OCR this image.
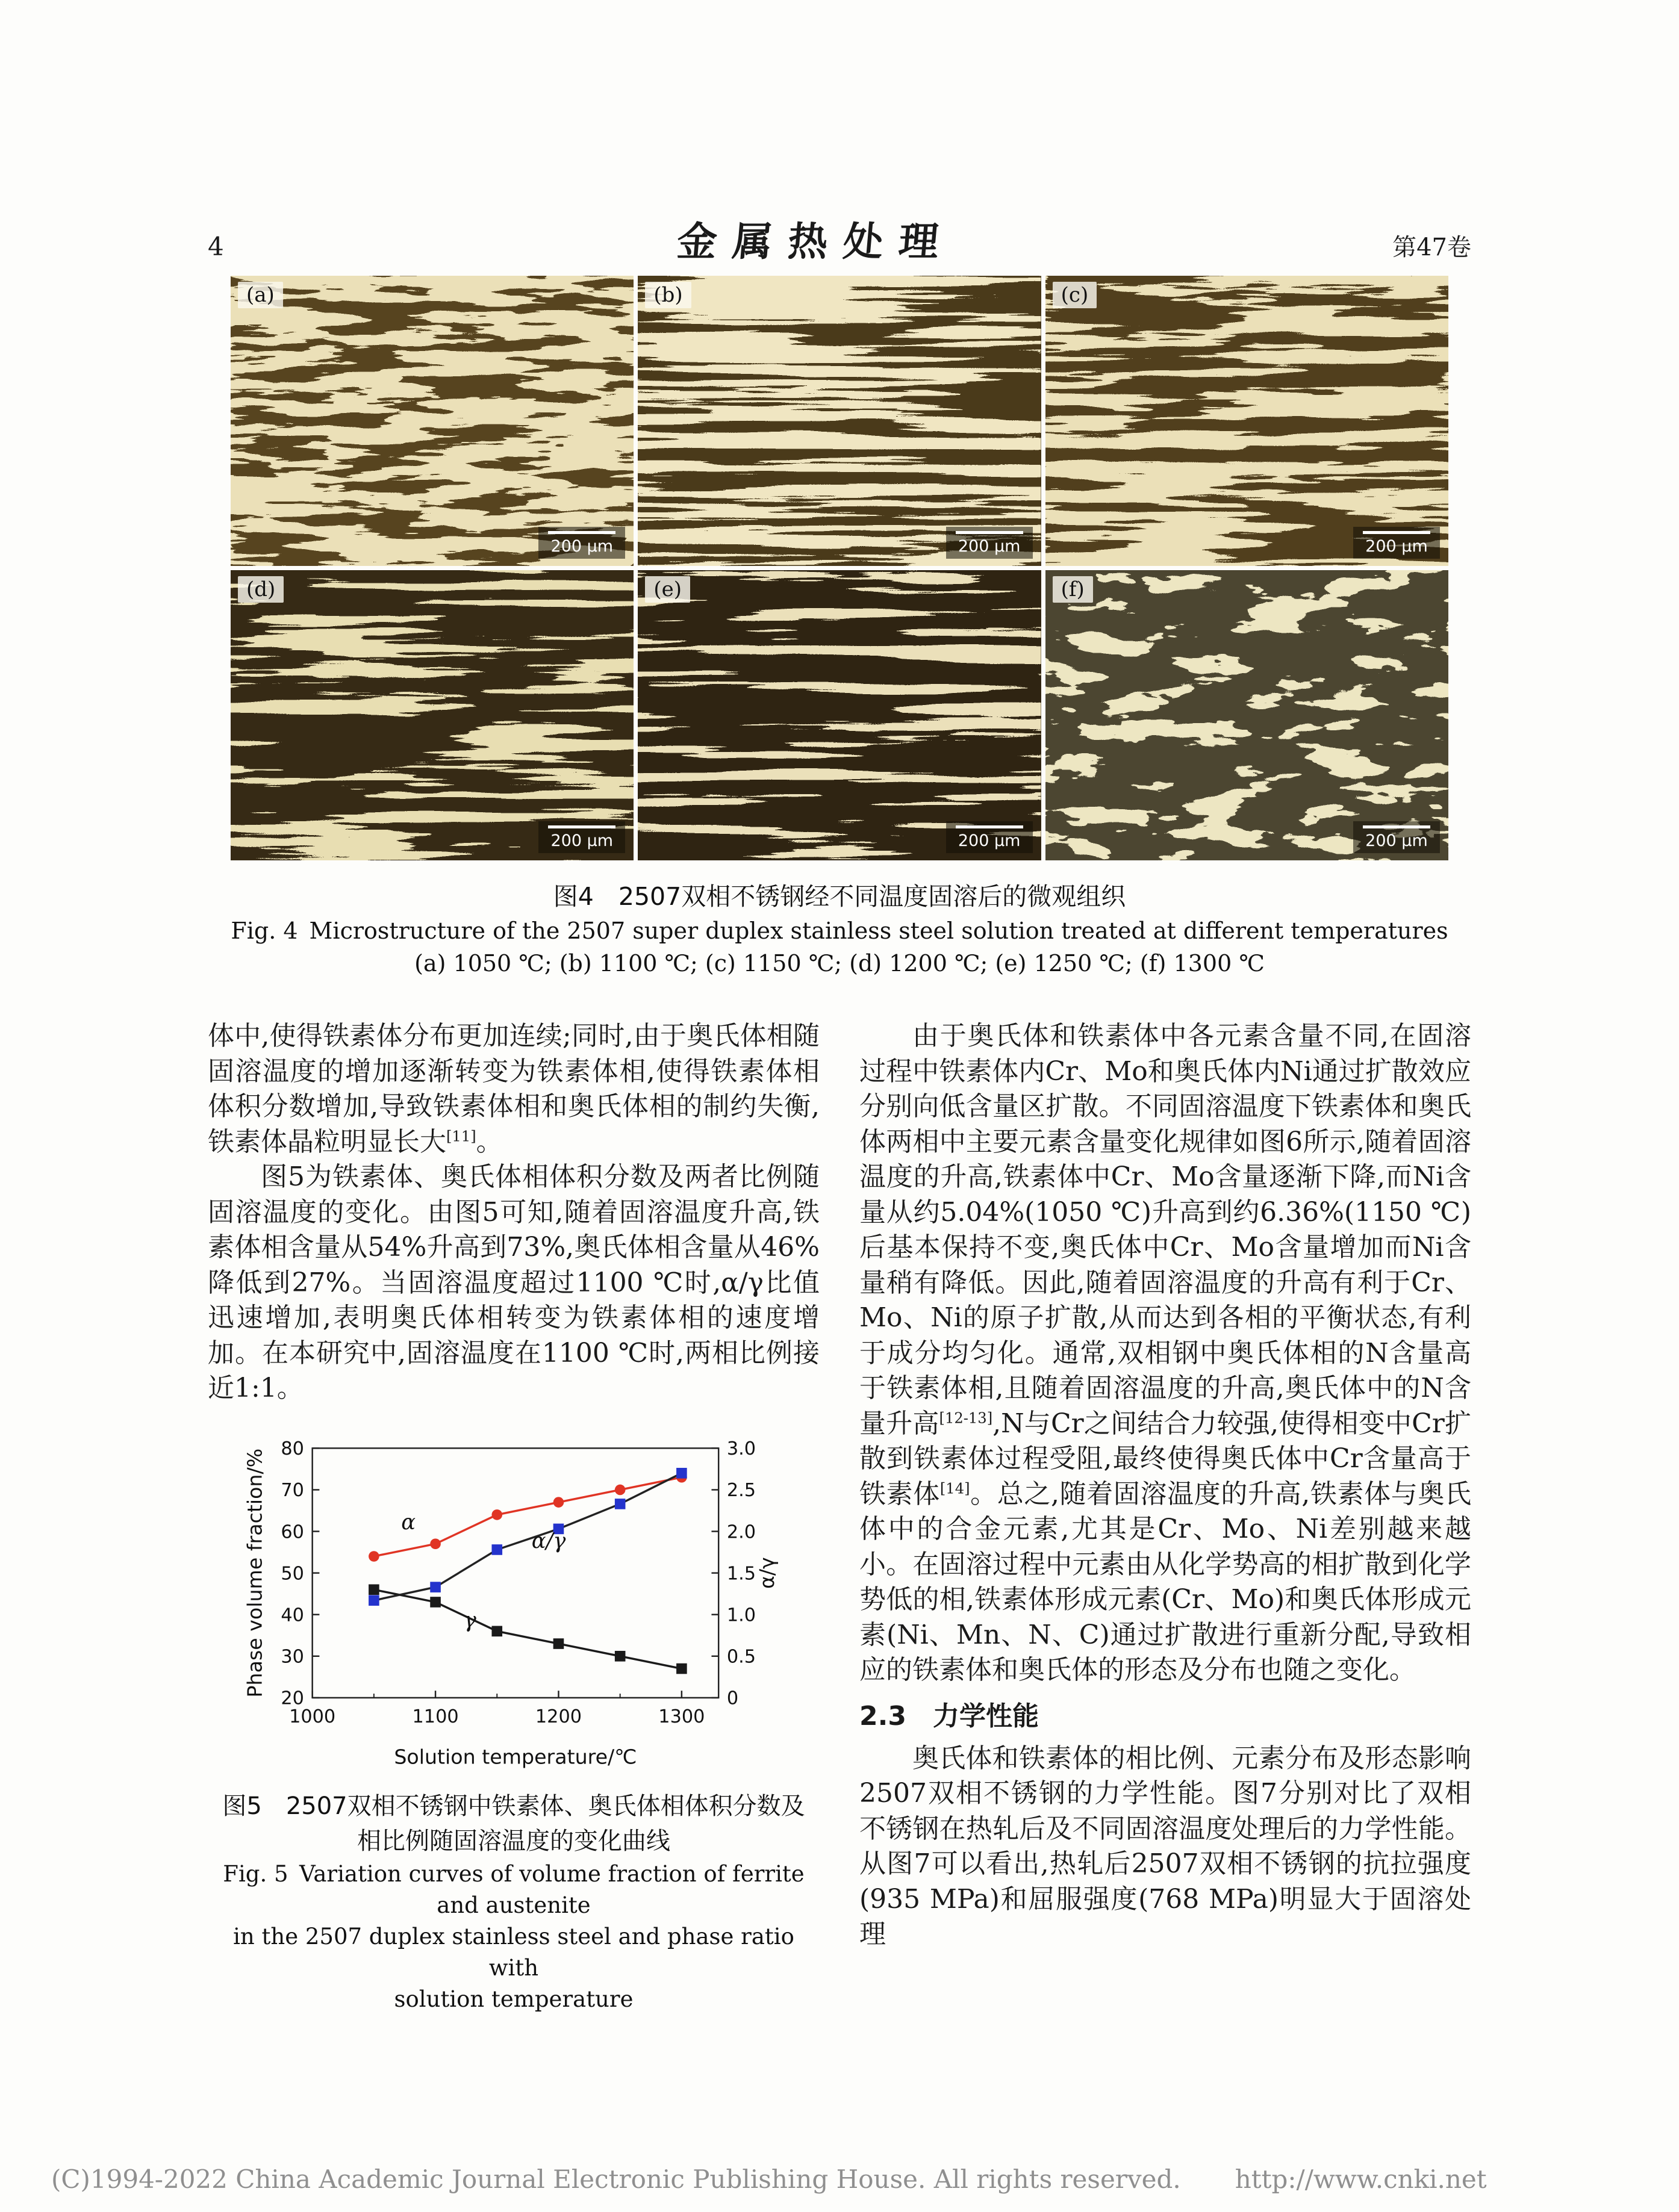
4	金属热处理	第47卷
(a)
200 μm
(b)
200 μm
(c)
200 μm
(d)
200 μm
(e)
200 μm
(f)
200 μm
图4　2507双相不锈钢经不同温度固溶后的微观组织
Fig. 4 Microstructure of the 2507 super duplex stainless steel solution treated at different temperatures
(a) 1050 ℃; (b) 1100 ℃; (c) 1150 ℃; (d) 1200 ℃; (e) 1250 ℃; (f) 1300 ℃

体中,使得铁素体分布更加连续;同时,由于奥氏体相随固溶温度的增加逐渐转变为铁素体相,使得铁素体相体积分数增加,导致铁素体相和奥氏体相的制约失衡,铁素体晶粒明显长大[11]。

图5为铁素体、奥氏体相体积分数及两者比例随固溶温度的变化。由图5可知,随着固溶温度升高,铁素体相含量从54%升高到73%,奥氏体相含量从46%降低到27%。当固溶温度超过1100 ℃时,α/γ比值迅速增加,表明奥氏体相转变为铁素体相的速度增加。在本研究中,固溶温度在1100 ℃时,两相比例接近1:1。

1000	1100	1200	1300
20
30
40
50
60
70
80
0
0.5
1.0
1.5
2.0
2.5
3.0
Solution temperature/℃
Phase volume fraction/%	α/γ
α
γ
α/γ
图5　2507双相不锈钢中铁素体、奥氏体相体积分数及
相比例随固溶温度的变化曲线
Fig. 5 Variation curves of volume fraction of ferrite and austenite
in the 2507 duplex stainless steel and phase ratio with
solution temperature

由于奥氏体和铁素体中各元素含量不同,在固溶过程中铁素体内Cr、Mo和奥氏体内Ni通过扩散效应分别向低含量区扩散。不同固溶温度下铁素体和奥氏体两相中主要元素含量变化规律如图6所示,随着固溶温度的升高,铁素体中Cr、Mo含量逐渐下降,而Ni含量从约5.04%(1050 ℃)升高到约6.36%(1150 ℃)后基本保持不变,奥氏体中Cr、Mo含量增加而Ni含量稍有降低。因此,随着固溶温度的升高有利于Cr、Mo、Ni的原子扩散,从而达到各相的平衡状态,有利于成分均匀化。通常,双相钢中奥氏体相的N含量高于铁素体相,且随着固溶温度的升高,奥氏体中的N含量升高[12-13],N与Cr之间结合力较强,使得相变中Cr扩散到铁素体过程受阻,最终使得奥氏体中Cr含量高于铁素体[14]。总之,随着固溶温度的升高,铁素体与奥氏体中的合金元素,尤其是Cr、Mo、Ni差别越来越小。在固溶过程中元素由从化学势高的相扩散到化学势低的相,铁素体形成元素(Cr、Mo)和奥氏体形成元素(Ni、Mn、N、C)通过扩散进行重新分配,导致相应的铁素体和奥氏体的形态及分布也随之变化。

2.3　力学性能

奥氏体和铁素体的相比例、元素分布及形态影响2507双相不锈钢的力学性能。图7分别对比了双相不锈钢在热轧后及不同固溶温度处理后的力学性能。从图7可以看出,热轧后2507双相不锈钢的抗拉强度(935 MPa)和屈服强度(768 MPa)明显大于固溶处理

(C)1994-2022 China Academic Journal Electronic Publishing House. All rights reserved. http://www.cnki.net
